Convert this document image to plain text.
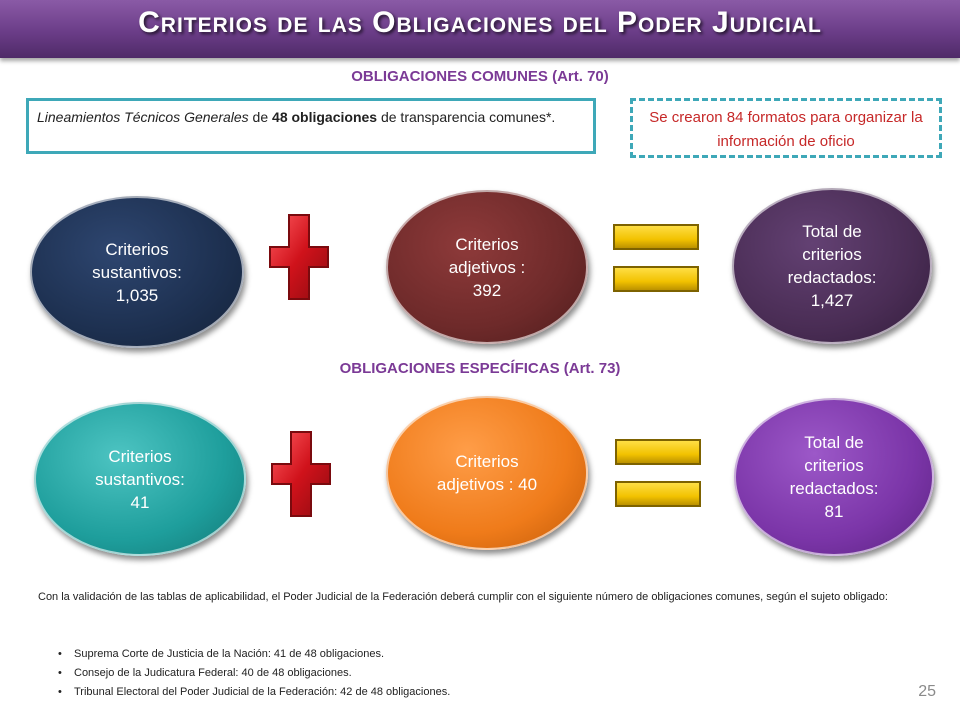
Criterios de las Obligaciones del Poder Judicial
OBLIGACIONES COMUNES (Art. 70)
Lineamientos Técnicos Generales de 48 obligaciones de transparencia comunes*.	Se crearon 84 formatos para organizar la información de oficio
Criterios
sustantivos:
1,035
Criterios
adjetivos :
392
Total de
criterios
redactados:
1,427
OBLIGACIONES ESPECÍFICAS (Art. 73)
Criterios
sustantivos:
41
Criterios
adjetivos : 40
Total de
criterios
redactados:
81
Con la validación de las tablas de aplicabilidad, el Poder Judicial de la Federación deberá cumplir con el siguiente número de obligaciones comunes, según el sujeto obligado:
• Suprema Corte de Justicia de la Nación: 41 de 48 obligaciones.
• Consejo de la Judicatura Federal: 40 de 48 obligaciones.
• Tribunal Electoral del Poder Judicial de la Federación: 42 de 48 obligaciones.	25
